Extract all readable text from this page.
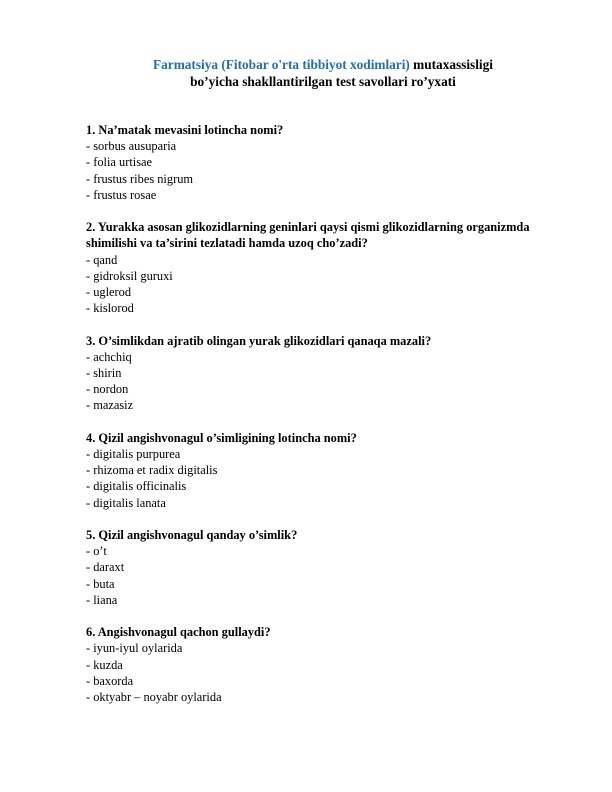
Farmatsiya (Fitobar o'rta tibbiyot xodimlari) mutaxassisligi
bo’yicha shakllantirilgan test savollari ro’yxati
1. Na’matak mevasini lotincha nomi?
- sorbus ausuparia
- folia urtisae
- frustus ribes nigrum
- frustus rosae
2. Yurakka asosan glikozidlarning geninlari qaysi qismi glikozidlarning organizmda shimilishi va ta’sirini tezlatadi hamda uzoq cho’zadi?
- qand
- gidroksil guruxi
- uglerod
- kislorod
3. O’simlikdan ajratib olingan yurak glikozidlari qanaqa mazali?
- achchiq
- shirin
- nordon
- mazasiz
4. Qizil angishvonagul o’simligining lotincha nomi?
- digitalis purpurea
- rhizoma et radix digitalis
- digitalis officinalis
- digitalis lanata
5. Qizil angishvonagul qanday o’simlik?
- o’t
- daraxt
- buta
- liana
6. Angishvonagul qachon gullaydi?
- iyun-iyul oylarida
- kuzda
- baxorda
- oktyabr – noyabr oylarida
